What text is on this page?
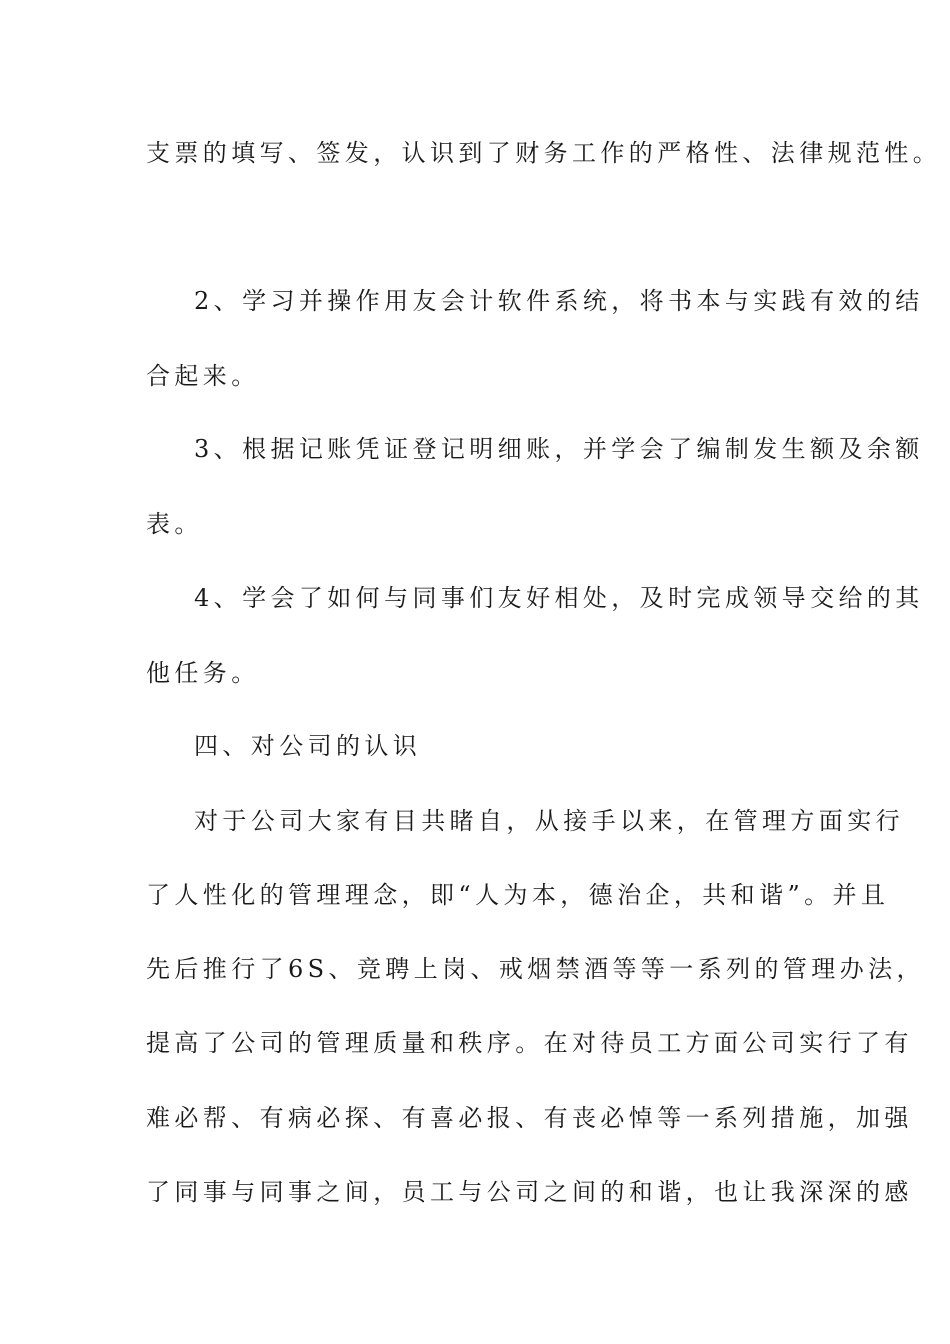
支票的填写、签发，认识到了财务工作的严格性、法律规范性。
2、学习并操作用友会计软件系统，将书本与实践有效的结
合起来。
3、根据记账凭证登记明细账，并学会了编制发生额及余额
表。
4、学会了如何与同事们友好相处，及时完成领导交给的其
他任务。
四、对公司的认识
对于公司大家有目共睹自，从接手以来，在管理方面实行
了人性化的管理理念，即“人为本，德治企，共和谐”。并且
先后推行了6S、竞聘上岗、戒烟禁酒等等一系列的管理办法，
提高了公司的管理质量和秩序。在对待员工方面公司实行了有
难必帮、有病必探、有喜必报、有丧必悼等一系列措施，加强
了同事与同事之间，员工与公司之间的和谐，也让我深深的感
